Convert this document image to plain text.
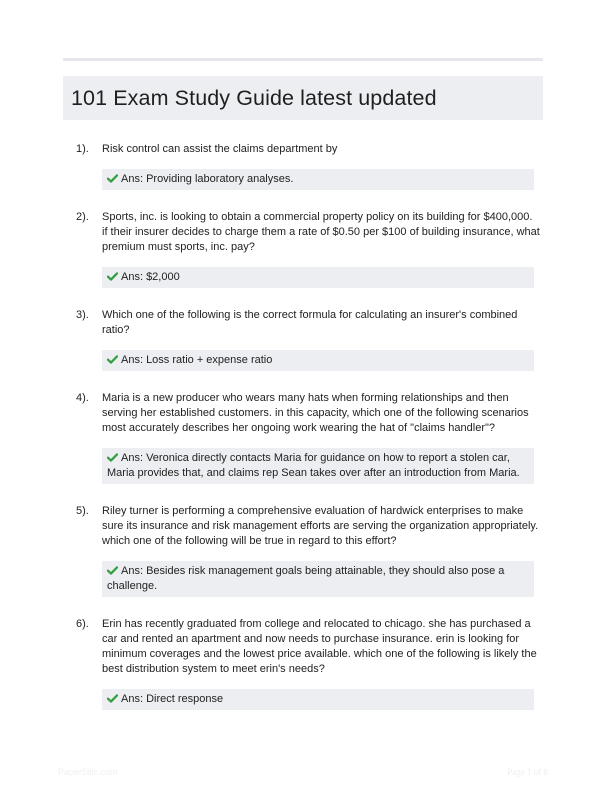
101 Exam Study Guide latest updated
1). Risk control can assist the claims department by
Ans: Providing laboratory analyses.
2). Sports, inc. is looking to obtain a commercial property policy on its building for $400,000. if their insurer decides to charge them a rate of $0.50 per $100 of building insurance, what premium must sports, inc. pay?
Ans: $2,000
3). Which one of the following is the correct formula for calculating an insurer's combined ratio?
Ans: Loss ratio + expense ratio
4). Maria is a new producer who wears many hats when forming relationships and then serving her established customers. in this capacity, which one of the following scenarios most accurately describes her ongoing work wearing the hat of "claims handler"?
Ans: Veronica directly contacts Maria for guidance on how to report a stolen car, Maria provides that, and claims rep Sean takes over after an introduction from Maria.
5). Riley turner is performing a comprehensive evaluation of hardwick enterprises to make sure its insurance and risk management efforts are serving the organization appropriately. which one of the following will be true in regard to this effort?
Ans: Besides risk management goals being attainable, they should also pose a challenge.
6). Erin has recently graduated from college and relocated to chicago. she has purchased a car and rented an apartment and now needs to purchase insurance. erin is looking for minimum coverages and the lowest price available. which one of the following is likely the best distribution system to meet erin's needs?
Ans: Direct response
Paper5tlic.com	Page 1 of 8
